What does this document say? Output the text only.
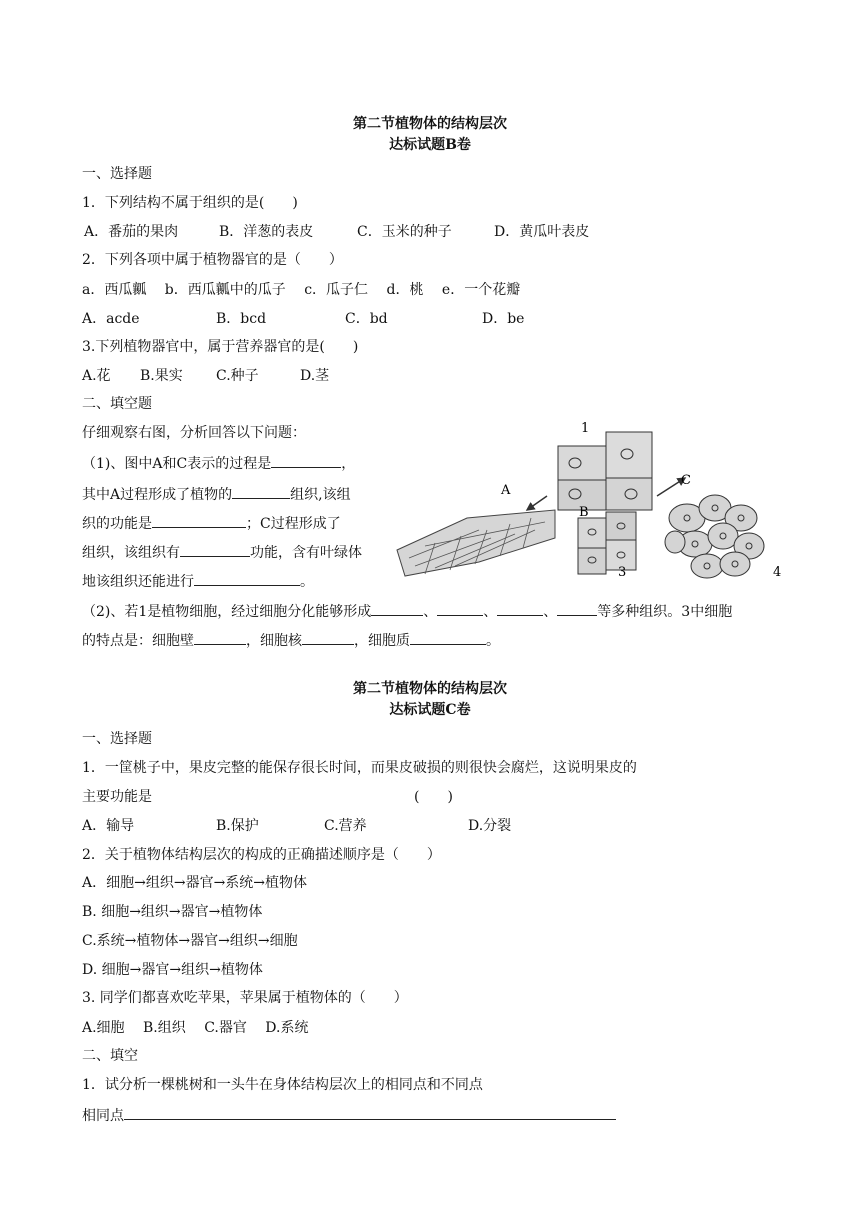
第二节植物体的结构层次
达标试题B卷
一、选择题
1．下列结构不属于组织的是(　　)

A．番茄的果肉

	B．洋葱的表皮

	C．玉米的种子

	D．黄瓜叶表皮

2．下列各项中属于植物器官的是（　　）
a．西瓜瓤　 b．西瓜瓤中的瓜子　 c．瓜子仁　 d．桃　 e．一个花瓣

A．acde

	B．bcd

	C．bd

	D．be

3.下列植物器官中，属于营养器官的是(　　)

A.花

B.果实

C.种子

	D.茎

二、填空题
仔细观察右图，分析回答以下问题：
（1)、图中A和C表示的过程是	，
其中A过程形成了植物的	组织,该组
织的功能是	；C过程形成了
组织，该组织有	功能，含有叶绿体
地该组织还能进行	。
（2)、若1是植物细胞，经过细胞分化能够形成	、	、	、	等多种组织。3中细胞
的特点是：细胞壁	，细胞核	，细胞质	。
1
B
3
A
C
4
第二节植物体的结构层次
达标试题C卷
一、选择题
1．一筐桃子中，果皮完整的能保存很长时间，而果皮破损的则很快会腐烂，这说明果皮的

主要功能是

	(　　)

A．输导

	B.保护

	C.营养

	D.分裂

2．关于植物体结构层次的构成的正确描述顺序是（　　）
A．细胞→组织→器官→系统→植物体
B. 细胞→组织→器官→植物体
C.系统→植物体→器官→组织→细胞
D. 细胞→器官→组织→植物体
3. 同学们都喜欢吃苹果，苹果属于植物体的（　　）
A.细胞　 B.组织　 C.器官　 D.系统
二、填空
1．试分析一棵桃树和一头牛在身体结构层次上的相同点和不同点
相同点
